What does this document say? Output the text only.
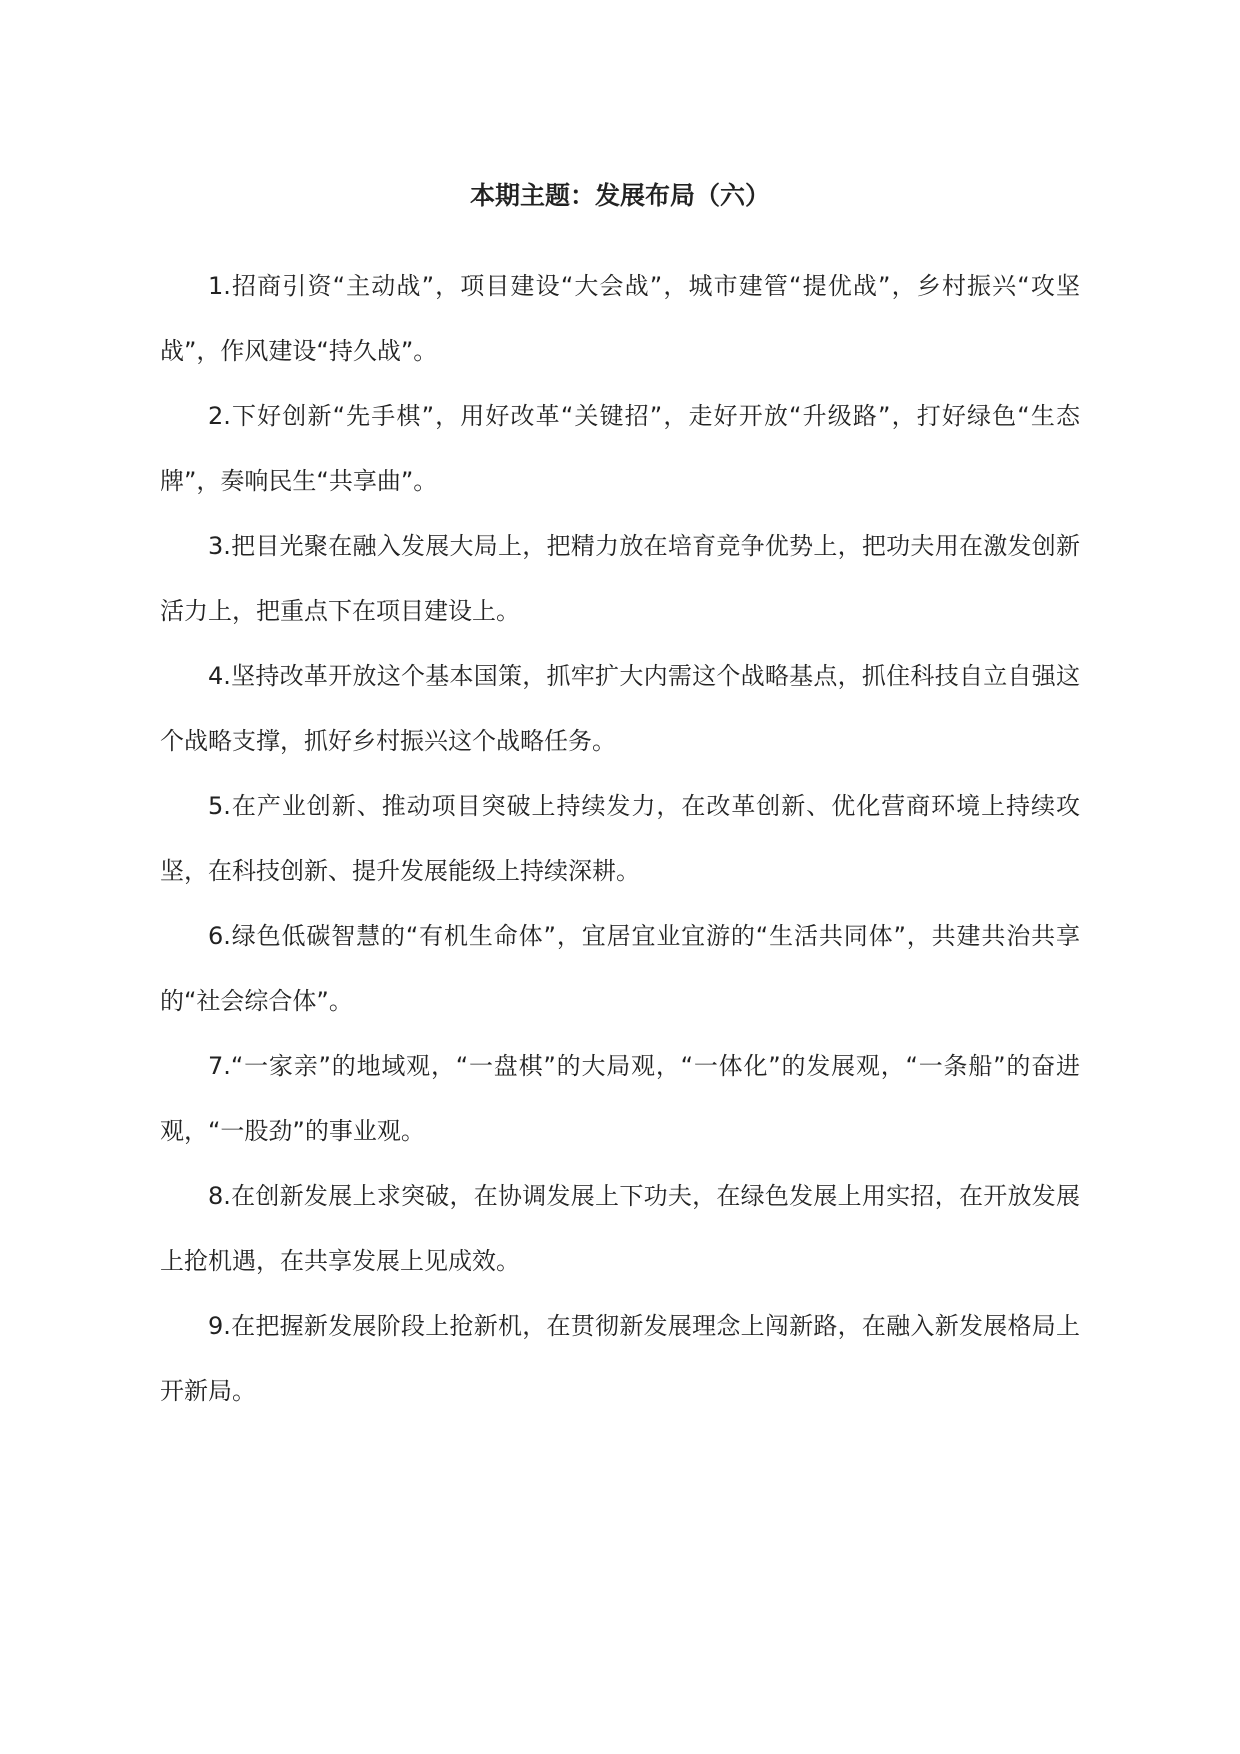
本期主题：发展布局（六）

1.招商引资“主动战”，项目建设“大会战”，城市建管“提优战”，乡村振兴“攻坚战”，作风建设“持久战”。

2.下好创新“先手棋”，用好改革“关键招”，走好开放“升级路”，打好绿色“生态牌”，奏响民生“共享曲”。

3.把目光聚在融入发展大局上，把精力放在培育竞争优势上，把功夫用在激发创新活力上，把重点下在项目建设上。

4.坚持改革开放这个基本国策，抓牢扩大内需这个战略基点，抓住科技自立自强这个战略支撑，抓好乡村振兴这个战略任务。

5.在产业创新、推动项目突破上持续发力，在改革创新、优化营商环境上持续攻坚，在科技创新、提升发展能级上持续深耕。

6.绿色低碳智慧的“有机生命体”，宜居宜业宜游的“生活共同体”，共建共治共享的“社会综合体”。

7.“一家亲”的地域观，“一盘棋”的大局观，“一体化”的发展观，“一条船”的奋进观，“一股劲”的事业观。

8.在创新发展上求突破，在协调发展上下功夫，在绿色发展上用实招，在开放发展上抢机遇，在共享发展上见成效。

9.在把握新发展阶段上抢新机，在贯彻新发展理念上闯新路，在融入新发展格局上开新局。
